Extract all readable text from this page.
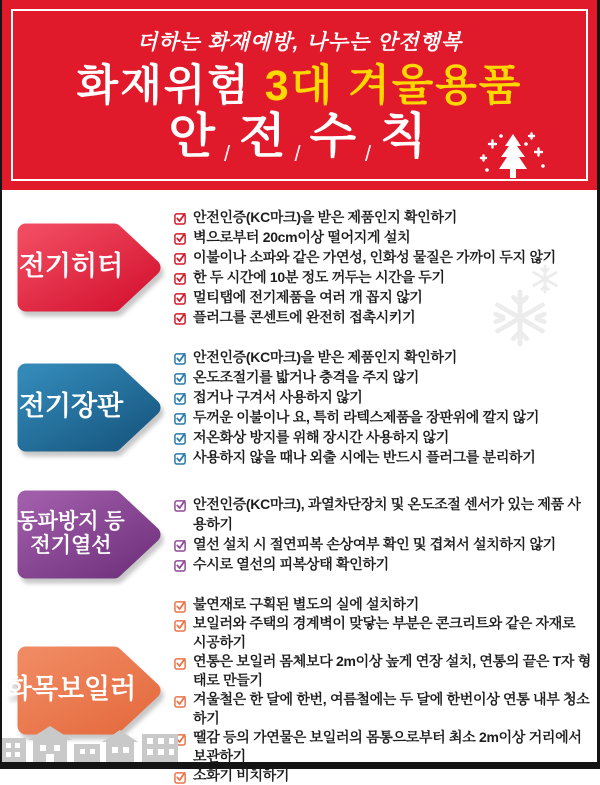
더하는 화재예방, 나누는 안전행복
화재위험 3대 겨울용품
안 / 전 / 수 / 칙
전기히터
안전인증(KC마크)을 받은 제품인지 확인하기
벽으로부터 20cm이상 떨어지게 설치
이불이나 소파와 같은 가연성, 인화성 물질은 가까이 두지 않기
한 두 시간에 10분 정도 꺼두는 시간을 두기
멀티탭에 전기제품을 여러 개 꼽지 않기
플러그를 콘센트에 완전히 접촉시키기
전기장판
안전인증(KC마크)을 받은 제품인지 확인하기
온도조절기를 밟거나 충격을 주지 않기
접거나 구겨서 사용하지 않기
두꺼운 이불이나 요, 특히 라텍스제품을 장판위에 깔지 않기
저온화상 방지를 위해 장시간 사용하지 않기
사용하지 않을 때나 외출 시에는 반드시 플러그를 분리하기
동파방지 등
전기열선
안전인증(KC마크), 과열차단장치 및 온도조절 센서가 있는 제품 사용하기
열선 설치 시 절연피복 손상여부 확인 및 겹쳐서 설치하지 않기
수시로 열선의 피복상태 확인하기
화목보일러
불연재로 구획된 별도의 실에 설치하기
보일러와 주택의 경계벽이 맞닿는 부분은 콘크리트와 같은 자재로 시공하기
연통은 보일러 몸체보다 2m이상 높게 연장 설치, 연통의 끝은 T자 형태로 만들기
겨울철은 한 달에 한번, 여름철에는 두 달에 한번이상 연통 내부 청소하기
땔감 등의 가연물은 보일러의 몸통으로부터 최소 2m이상 거리에서 보관하기
소화기 비치하기
